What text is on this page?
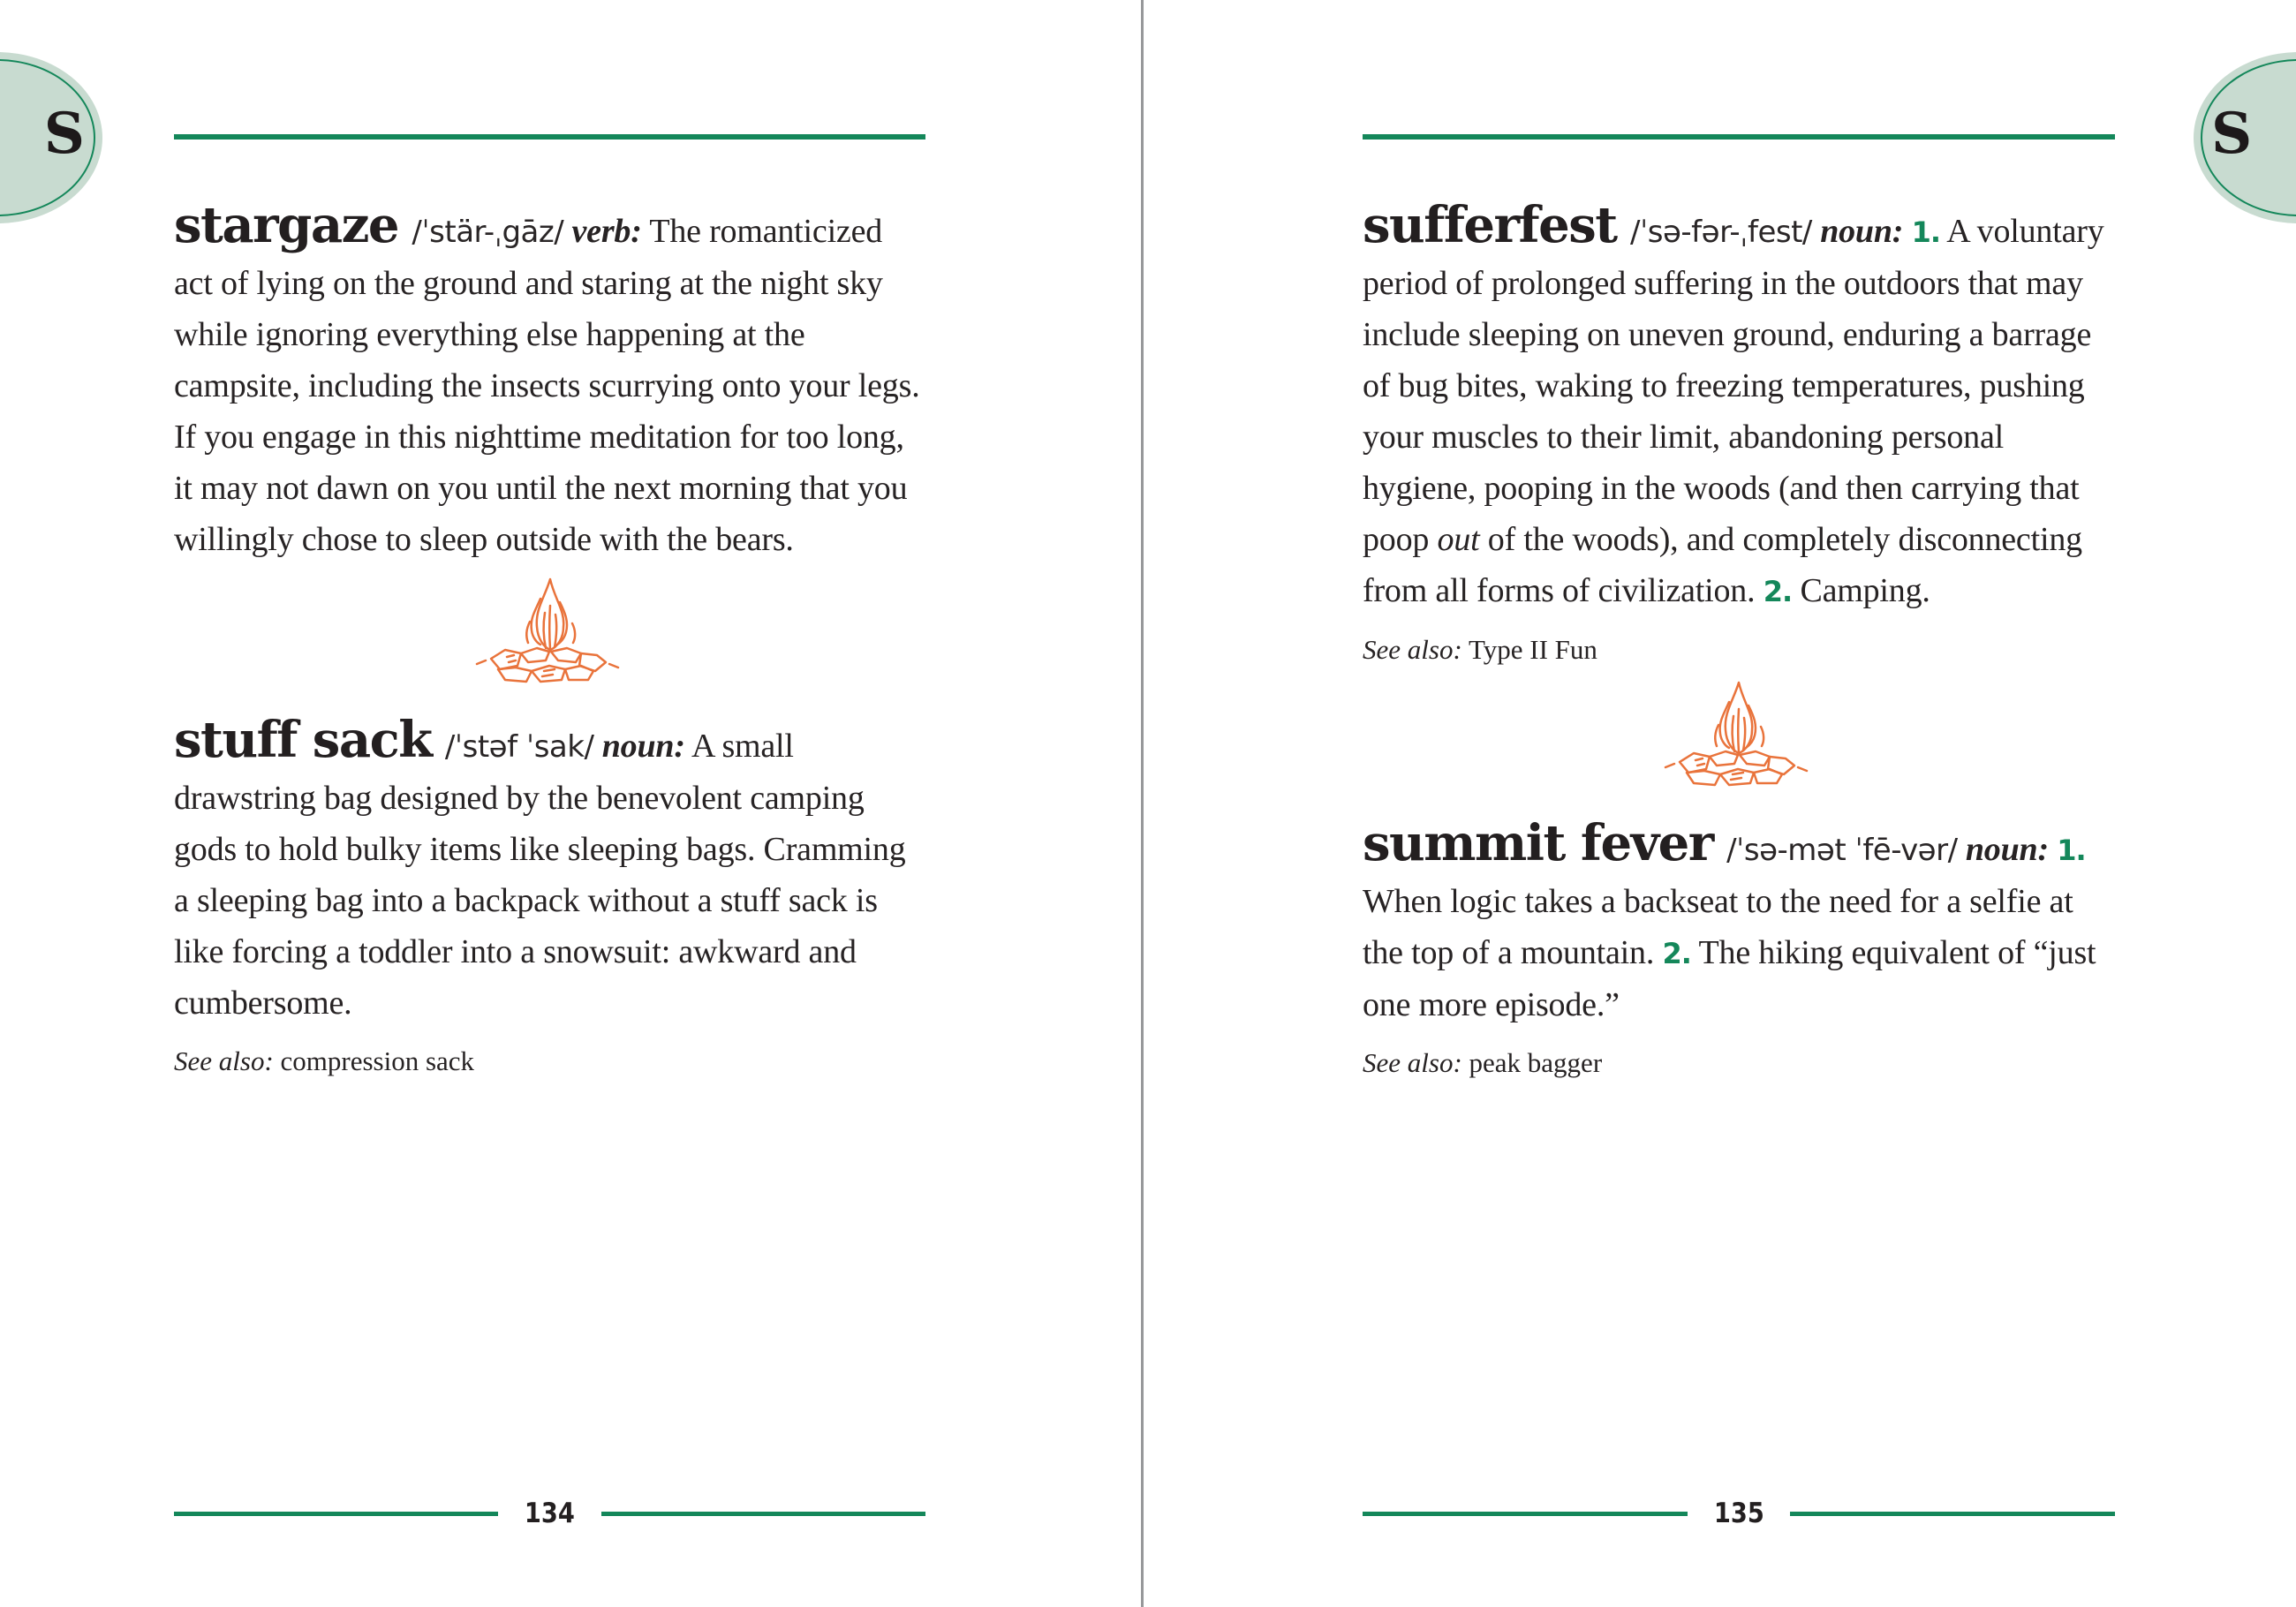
stargaze /ˈstär-ˌgāz/ verb: The romanticized act of lying on the ground and staring at the night sky while ignoring everything else happening at the campsite, including the insects scurrying onto your legs. If you engage in this nighttime meditation for too long, it may not dawn on you until the next morning that you willingly chose to sleep outside with the bears.

stuff sack /ˈstəf ˈsak/ noun: A small drawstring bag designed by the benevolent camping gods to hold bulky items like sleeping bags. Cramming a sleeping bag into a backpack without a stuff sack is like forcing a toddler into a snowsuit: awkward and cumbersome.

See also: compression sack

134

sufferfest /ˈsə-fər-ˌfest/ noun: 1. A voluntary period of prolonged suffering in the outdoors that may include sleeping on uneven ground, enduring a barrage of bug bites, waking to freezing temperatures, pushing your muscles to their limit, abandoning personal hygiene, pooping in the woods (and then carrying that poop out of the woods), and completely disconnecting from all forms of civilization. 2. Camping.

See also: Type II Fun

summit fever /ˈsə-mət ˈfē-vər/ noun: 1. When logic takes a backseat to the need for a selfie at the top of a mountain. 2. The hiking equivalent of “just one more episode.”

See also: peak bagger

135
S	S
